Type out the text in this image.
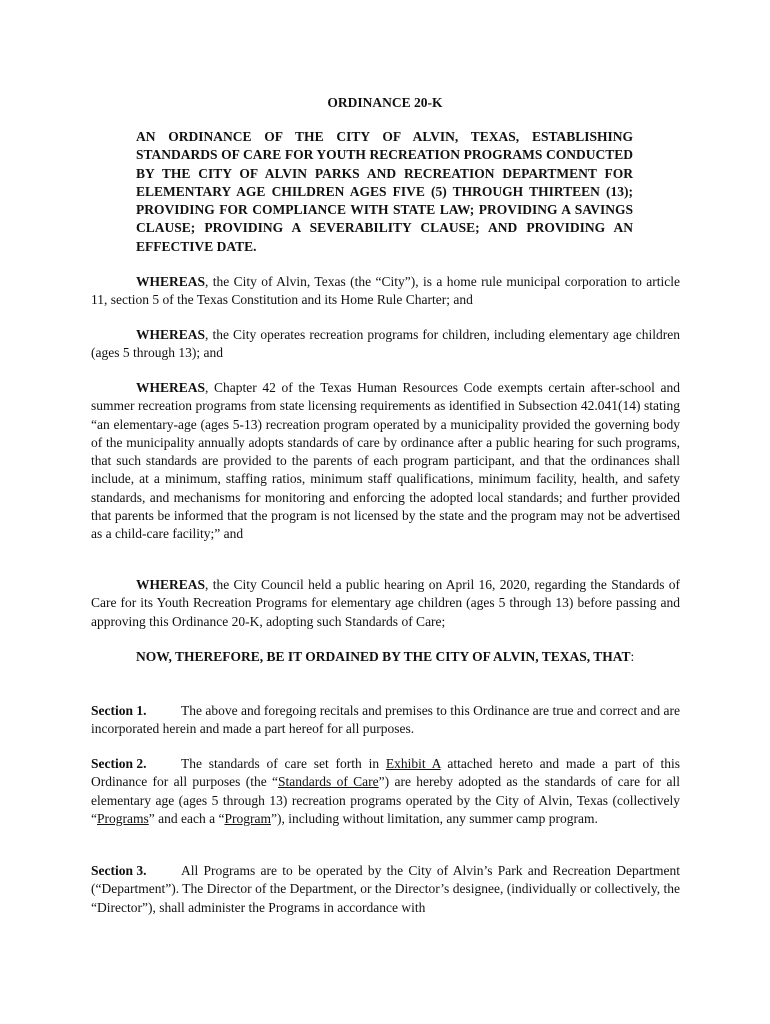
ORDINANCE 20-K
AN ORDINANCE OF THE CITY OF ALVIN, TEXAS, ESTABLISHING STANDARDS OF CARE FOR YOUTH RECREATION PROGRAMS CONDUCTED BY THE CITY OF ALVIN PARKS AND RECREATION DEPARTMENT FOR ELEMENTARY AGE CHILDREN AGES FIVE (5) THROUGH THIRTEEN (13); PROVIDING FOR COMPLIANCE WITH STATE LAW; PROVIDING A SAVINGS CLAUSE; PROVIDING A SEVERABILITY CLAUSE; AND PROVIDING AN EFFECTIVE DATE.
WHEREAS, the City of Alvin, Texas (the “City”), is a home rule municipal corporation to article 11, section 5 of the Texas Constitution and its Home Rule Charter; and
WHEREAS, the City operates recreation programs for children, including elementary age children (ages 5 through 13); and
WHEREAS, Chapter 42 of the Texas Human Resources Code exempts certain after-school and summer recreation programs from state licensing requirements as identified in Subsection 42.041(14) stating “an elementary-age (ages 5-13) recreation program operated by a municipality provided the governing body of the municipality annually adopts standards of care by ordinance after a public hearing for such programs, that such standards are provided to the parents of each program participant, and that the ordinances shall include, at a minimum, staffing ratios, minimum staff qualifications, minimum facility, health, and safety standards, and mechanisms for monitoring and enforcing the adopted local standards; and further provided that parents be informed that the program is not licensed by the state and the program may not be advertised as a child-care facility;” and
WHEREAS, the City Council held a public hearing on April 16, 2020, regarding the Standards of Care for its Youth Recreation Programs for elementary age children (ages 5 through 13) before passing and approving this Ordinance 20-K, adopting such Standards of Care;
NOW, THEREFORE, BE IT ORDAINED BY THE CITY OF ALVIN, TEXAS, THAT:
Section 1.	The above and foregoing recitals and premises to this Ordinance are true and correct and are incorporated herein and made a part hereof for all purposes.
Section 2.	The standards of care set forth in Exhibit A attached hereto and made a part of this Ordinance for all purposes (the “Standards of Care”) are hereby adopted as the standards of care for all elementary age (ages 5 through 13) recreation programs operated by the City of Alvin, Texas (collectively “Programs” and each a “Program”), including without limitation, any summer camp program.
Section 3.	All Programs are to be operated by the City of Alvin’s Park and Recreation Department (“Department”). The Director of the Department, or the Director’s designee, (individually or collectively, the “Director”), shall administer the Programs in accordance with
